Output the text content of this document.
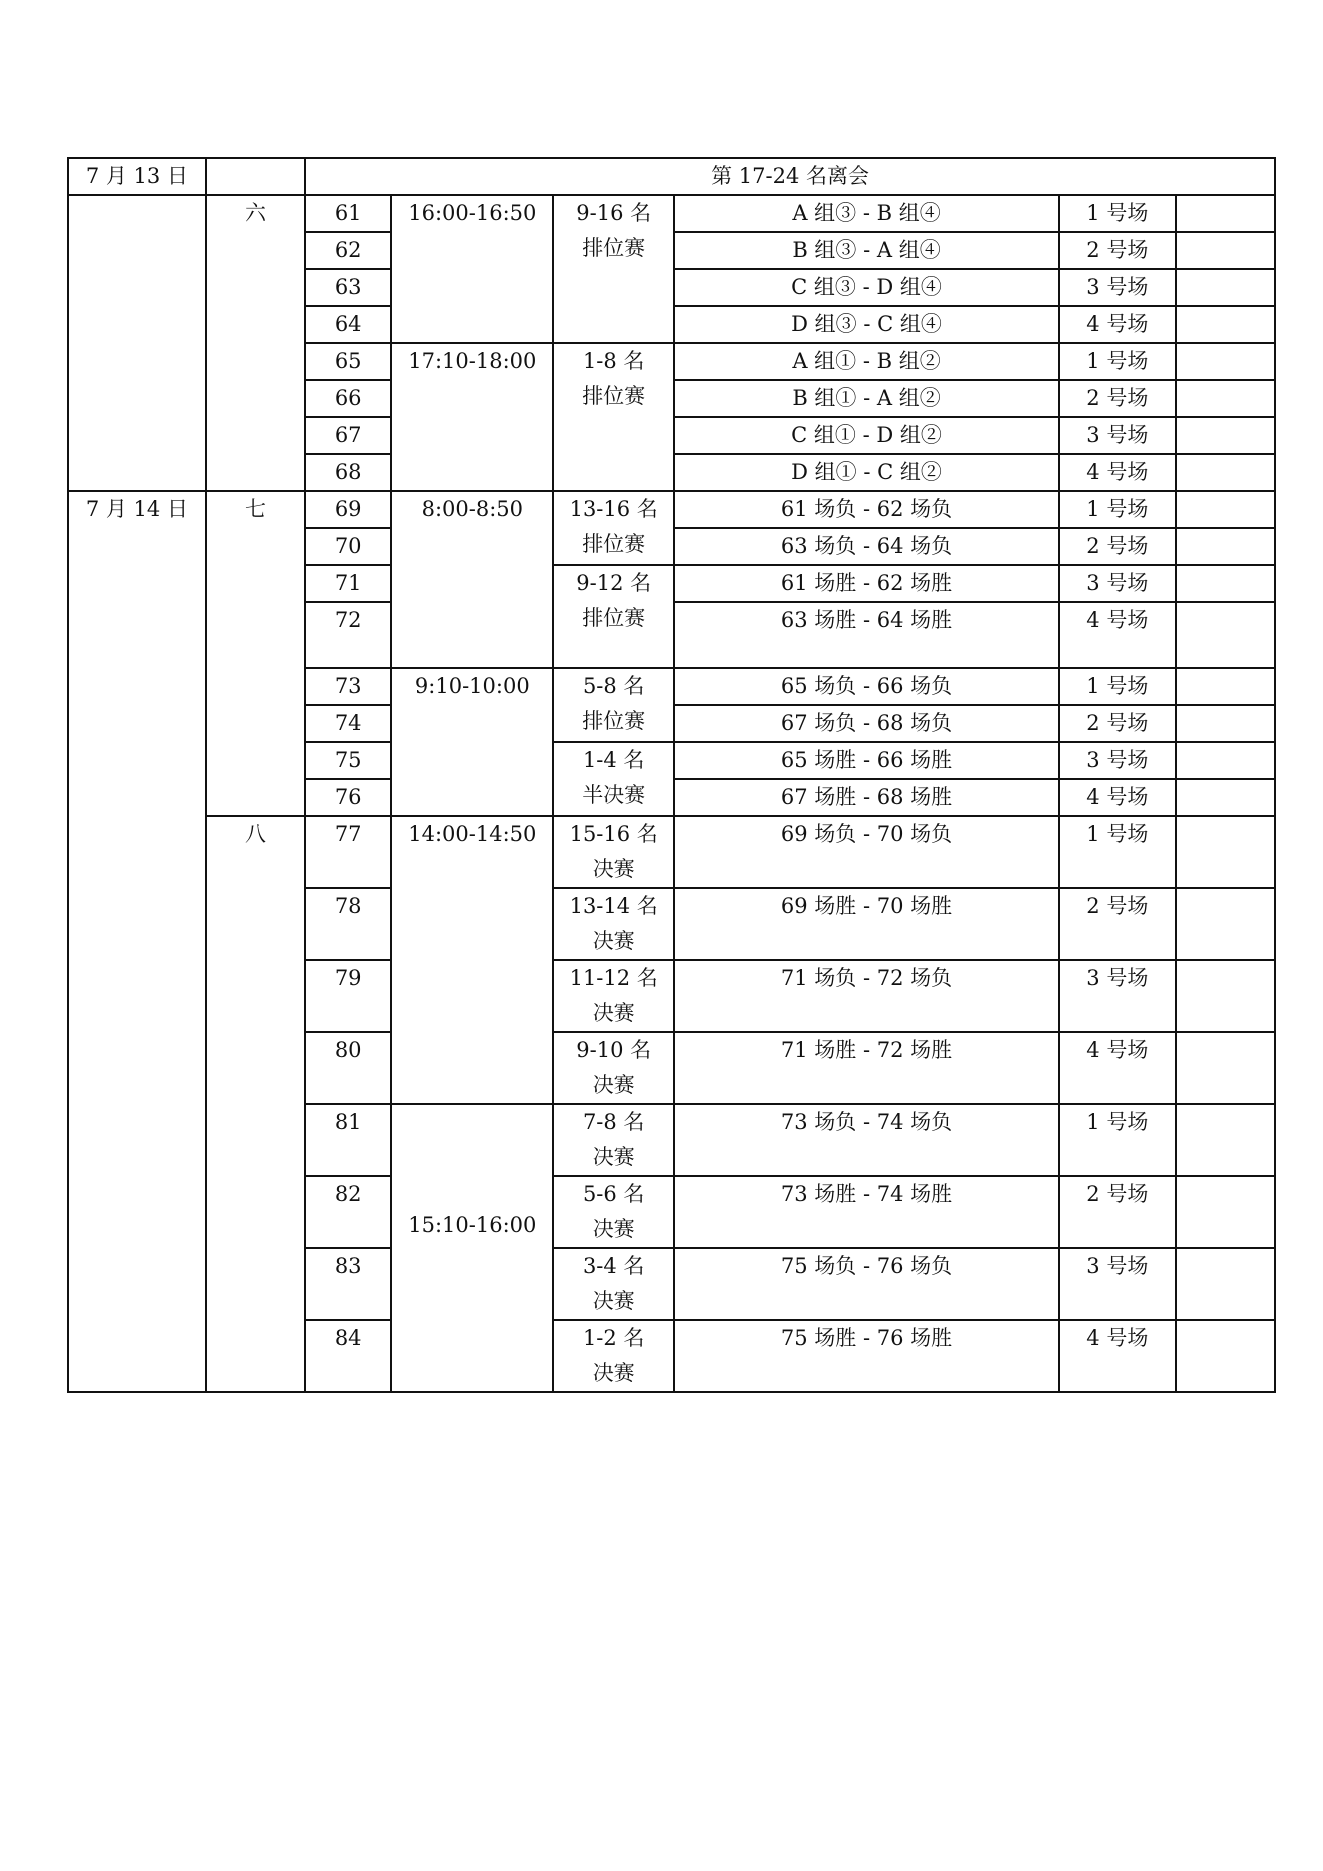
7 月 13 日		第 17-24 名离会					
	六	61	16:00-16:50	9-16 名
排位赛	A 组③ - B 组④	1 号场	
		62			B 组③ - A 组④	2 号场	
		63			C 组③ - D 组④	3 号场	
		64			D 组③ - C 组④	4 号场	
		65	17:10-18:00	1-8 名
排位赛	A 组① - B 组②	1 号场	
		66			B 组① - A 组②	2 号场	
		67			C 组① - D 组②	3 号场	
		68			D 组① - C 组②	4 号场	
7 月 14 日	七	69	8:00-8:50	13-16 名
排位赛	61 场负 - 62 场负	1 号场	
		70			63 场负 - 64 场负	2 号场	
		71		9-12 名
排位赛	61 场胜 - 62 场胜	3 号场	
		72			63 场胜 - 64 场胜	4 号场	
		73	9:10-10:00	5-8 名
排位赛	65 场负 - 66 场负	1 号场	
		74			67 场负 - 68 场负	2 号场	
		75		1-4 名
半决赛	65 场胜 - 66 场胜	3 号场	
		76			67 场胜 - 68 场胜	4 号场	
	八	77	14:00-14:50	15-16 名
决赛	69 场负 - 70 场负	1 号场	
		78		13-14 名
决赛	69 场胜 - 70 场胜	2 号场	
		79		11-12 名
决赛	71 场负 - 72 场负	3 号场	
		80		9-10 名
决赛	71 场胜 - 72 场胜	4 号场	
		81	15:10-16:00	7-8 名
决赛	73 场负 - 74 场负	1 号场	
		82		5-6 名
决赛	73 场胜 - 74 场胜	2 号场	
		83		3-4 名
决赛	75 场负 - 76 场负	3 号场	
		84		1-2 名
决赛	75 场胜 - 76 场胜	4 号场	
